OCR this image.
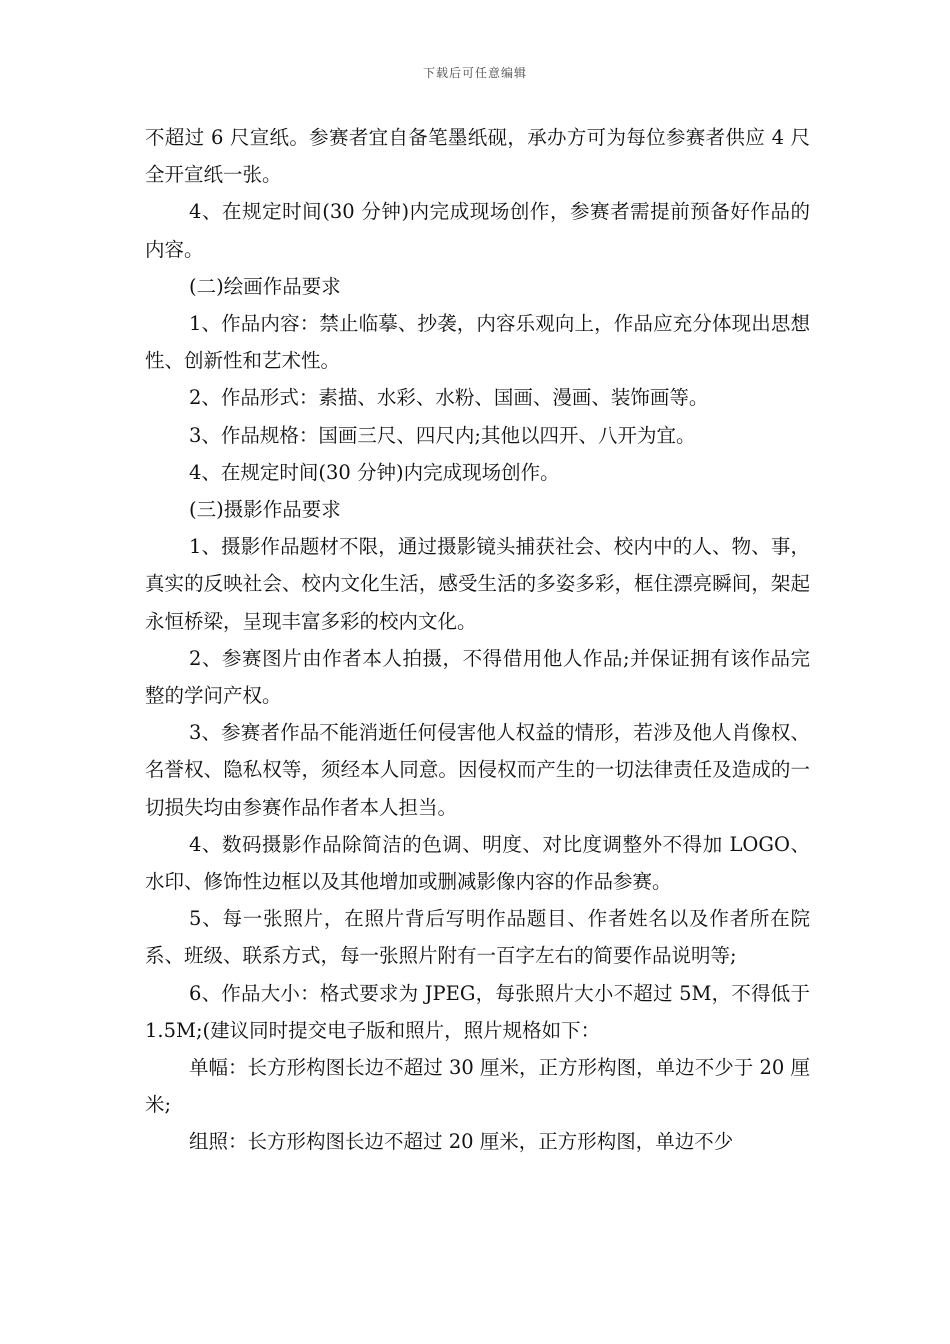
下载后可任意编辑

不超过 6 尺宣纸。参赛者宜自备笔墨纸砚，承办方可为每位参赛者供应 4 尺全开宣纸一张。

4、在规定时间(30 分钟)内完成现场创作，参赛者需提前预备好作品的内容。

(二)绘画作品要求

1、作品内容：禁止临摹、抄袭，内容乐观向上，作品应充分体现出思想性、创新性和艺术性。

2、作品形式：素描、水彩、水粉、国画、漫画、装饰画等。

3、作品规格：国画三尺、四尺内;其他以四开、八开为宜。

4、在规定时间(30 分钟)内完成现场创作。

(三)摄影作品要求

1、摄影作品题材不限，通过摄影镜头捕获社会、校内中的人、物、事，真实的反映社会、校内文化生活，感受生活的多姿多彩，框住漂亮瞬间，架起永恒桥梁，呈现丰富多彩的校内文化。

2、参赛图片由作者本人拍摄，不得借用他人作品;并保证拥有该作品完整的学问产权。

3、参赛者作品不能消逝任何侵害他人权益的情形，若涉及他人肖像权、名誉权、隐私权等，须经本人同意。因侵权而产生的一切法律责任及造成的一切损失均由参赛作品作者本人担当。

4、数码摄影作品除简洁的色调、明度、对比度调整外不得加 LOGO、水印、修饰性边框以及其他增加或删减影像内容的作品参赛。

5、每一张照片，在照片背后写明作品题目、作者姓名以及作者所在院系、班级、联系方式，每一张照片附有一百字左右的简要作品说明等;

6、作品大小：格式要求为 JPEG，每张照片大小不超过 5M，不得低于 1.5M;(建议同时提交电子版和照片，照片规格如下：

单幅：长方形构图长边不超过 30 厘米，正方形构图，单边不少于 20 厘米;

组照：长方形构图长边不超过 20 厘米，正方形构图，单边不少
